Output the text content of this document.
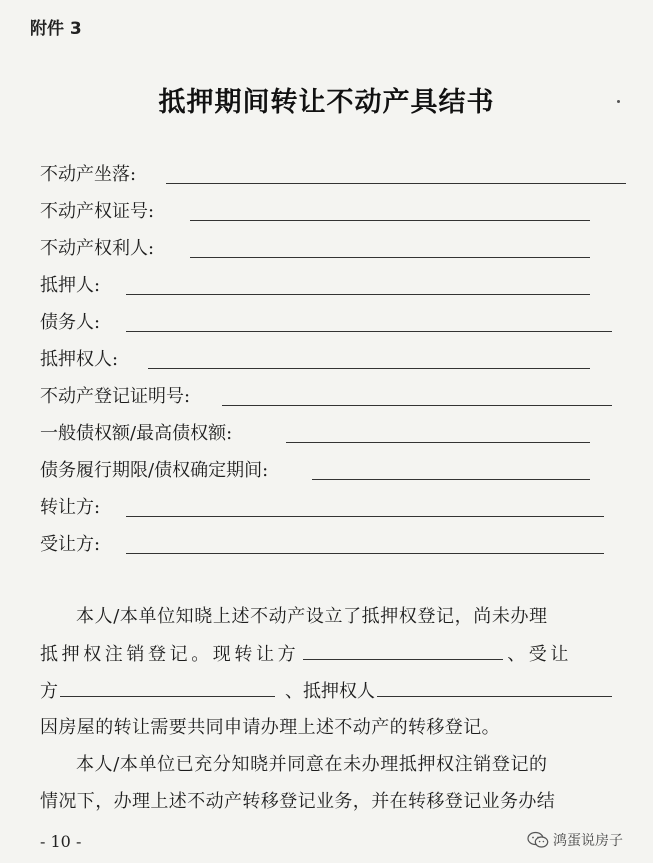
附件 3
抵押期间转让不动产具结书
不动产坐落:
不动产权证号:
不动产权利人:
抵押人:
债务人:
抵押权人:
不动产登记证明号:
一般债权额/最高债权额:
债务履行期限/债权确定期间:
转让方:
受让方:
本人/本单位知晓上述不动产设立了抵押权登记，尚未办理
抵押权注销登记。现转让方	、受让
方	、抵押权人
因房屋的转让需要共同申请办理上述不动产的转移登记。
本人/本单位已充分知晓并同意在未办理抵押权注销登记的
情况下，办理上述不动产转移登记业务，并在转移登记业务办结
- 10 -	鸿蛋说房子
